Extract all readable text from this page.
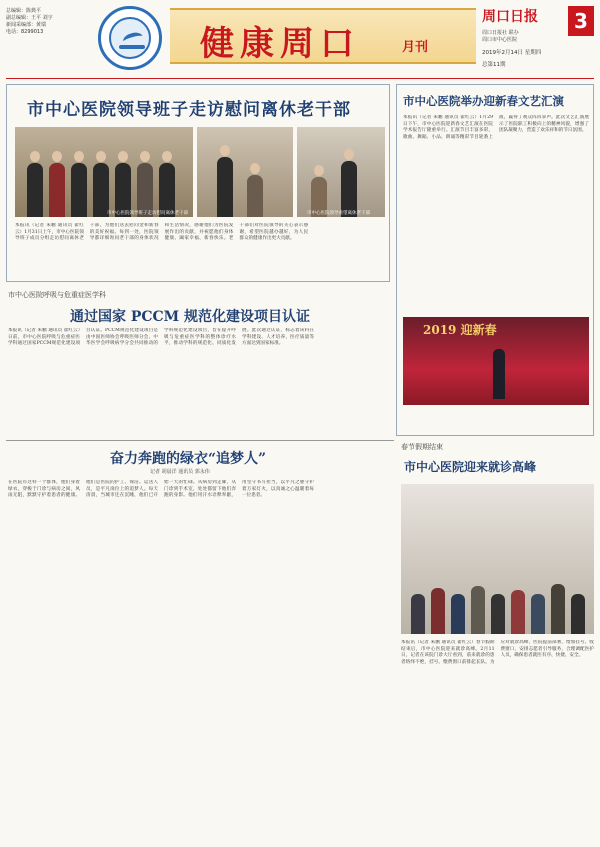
总编辑：陈典平
副总编辑：王平 刘宇
新闻采编部：黄瑞
电话：8299013	健康周口	月刊
周口日报	3
周口日报社 联办
周口市中心医院
2019年2月14日 星期四
总第11期
市中心医院领导班子走访慰问离休老干部
市中心医院领导班子走访慰问离休老干部	市中心医院领导看望离休老干部
本报讯（记者 朱鹏 通讯员 翟红云）1月31日上午，市中心医院领导班子成员分组走访慰问离休老干部，为他们送去慰问金和新春的美好祝福。每到一处，医院领导都详细询问老干部的身体状况和生活情况，感谢他们为医院发展作出的贡献，并祝愿他们身体健康、阖家幸福、新春快乐。老干部们对医院领导的关心表示感谢，希望医院越办越好，为人民群众的健康作出更大贡献。
市中心医院举办迎新春文艺汇演
本报讯（记者 朱鹏 通讯员 翟红云）1月29日下午，市中心医院迎新春文艺汇演在医院学术报告厅隆重举行。汇演节目丰富多彩，歌曲、舞蹈、小品、朗诵等精彩节目轮番上演，赢得了观众阵阵掌声。此次文艺汇演展示了医院职工积极向上的精神风貌，增强了团队凝聚力，营造了欢乐祥和的节日氛围。
2019 迎新春
市中心医院呼吸与危重症医学科
通过国家 PCCM 规范化建设项目认证
本报讯（记者 朱鹏 通讯员 翟红云）日前，市中心医院呼吸与危重症医学科通过国家PCCM规范化建设项目认证。PCCM规范化建设项目是由中国医师协会呼吸医师分会、中华医学会呼吸病学分会共同推动的学科规范化建设项目，旨在提升呼吸与危重症医学科的整体诊疗水平，推动学科的规范化、同质化发展。此次通过认证，标志着该科在学科建设、人才培养、医疗质量等方面达到国家标准。
奋力奔跑的绿衣“追梦人”
记者 胡晨洋 通讯员 郭永伟
在医院有这样一个群体，他们身着绿衣，穿梭于门诊与病房之间，风雨无阻，默默守护着患者的健康。他们是医院的护工、保洁、运送人员，是平凡岗位上的追梦人。每天清晨，当城市还在沉睡，他们已开始一天的忙碌。从病房到走廊，从门诊到手术室，处处都留下他们奔跑的身影。他们用汗水诠释奉献，用坚守书写担当，以平凡之躯守护着万家灯火，以真诚之心温暖着每一位患者。
春节假期结束
市中心医院迎来就诊高峰
本报讯（记者 朱鹏 通讯员 翟红云）春节假期结束后，市中心医院迎来就诊高峰。2月11日，记者在该院门诊大厅看到，前来就诊的患者络绎不绝，挂号、缴费窗口前排起长队。为应对就诊高峰，医院提前部署，增加挂号、收费窗口，安排志愿者引导服务，合理调配医护人员，确保患者就医有序、快捷、安全。
